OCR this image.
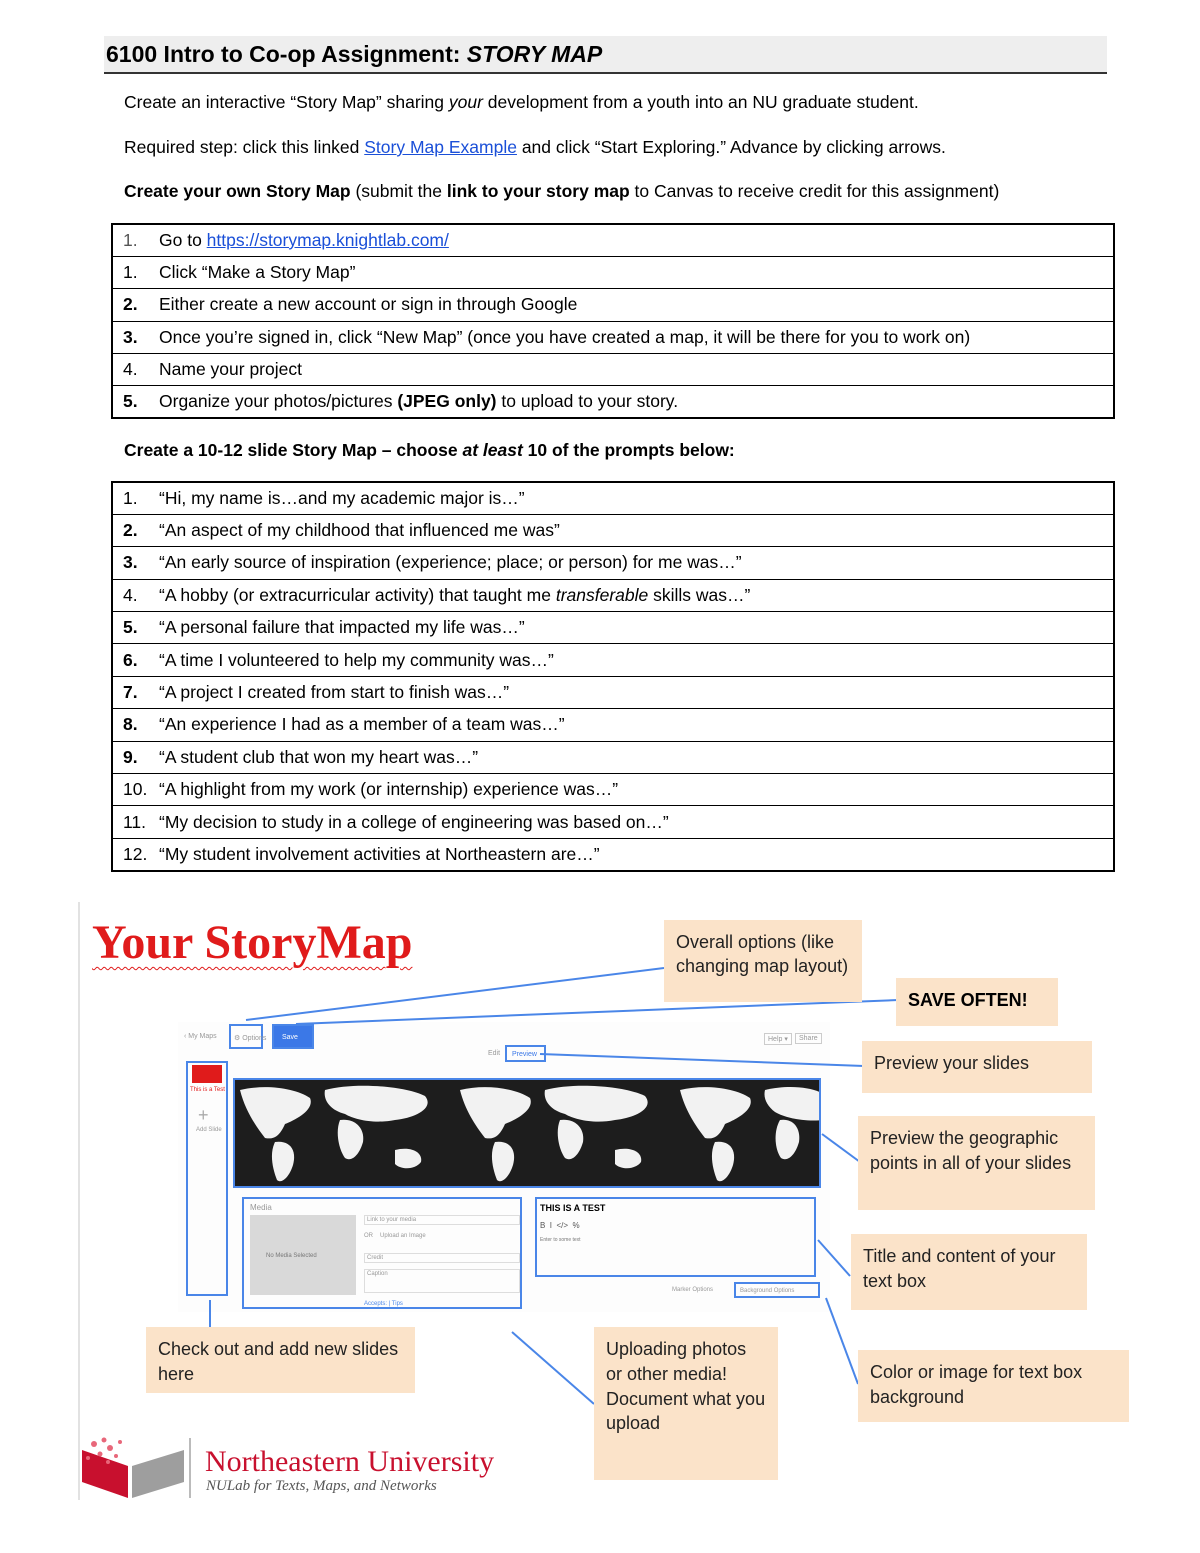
6100 Intro to Co-op Assignment: STORY MAP
Create an interactive “Story Map” sharing your development from a youth into an NU graduate student.
Required step: click this linked Story Map Example and click “Start Exploring.” Advance by clicking arrows.
Create your own Story Map (submit the link to your story map to Canvas to receive credit for this assignment)
1. Go to https://storymap.knightlab.com/
1. Click “Make a Story Map”
2. Either create a new account or sign in through Google
3. Once you’re signed in, click “New Map” (once you have created a map, it will be there for you to work on)
4. Name your project
5. Organize your photos/pictures (JPEG only) to upload to your story.
Create a 10-12 slide Story Map – choose at least 10 of the prompts below:
1. “Hi, my name is…and my academic major is…”
2. “An aspect of my childhood that influenced me was”
3. “An early source of inspiration (experience; place; or person) for me was…”
4. “A hobby (or extracurricular activity) that taught me transferable skills was…”
5. “A personal failure that impacted my life was…”
6. “A time I volunteered to help my community was…”
7. “A project I created from start to finish was…”
8. “An experience I had as a member of a team was…”
9. “A student club that won my heart was…”
10. “A highlight from my work (or internship) experience was…”
11. “My decision to study in a college of engineering was based on…”
12. “My student involvement activities at Northeastern are…”
Your StoryMap
‹ My Maps ⚙ Options Save	Help ▾	Share
Edit Preview
This is a Test
+
Add Slide
Media
No Media Selected
Link to your media
OR Upload an Image
Credit
Caption
Accepts: | Tips
THIS IS A TEST
B  I  </>  %
Enter to some text
Marker Options	Background Options
Overall options (like changing map layout)
SAVE OFTEN!
Preview your slides
Preview the geographic points in all of your slides
Title and content of your text box
Check out and add new slides here
Uploading photos or other media! Document what you upload
Color or image for text box background
Northeastern University
NULab for Texts, Maps, and Networks
